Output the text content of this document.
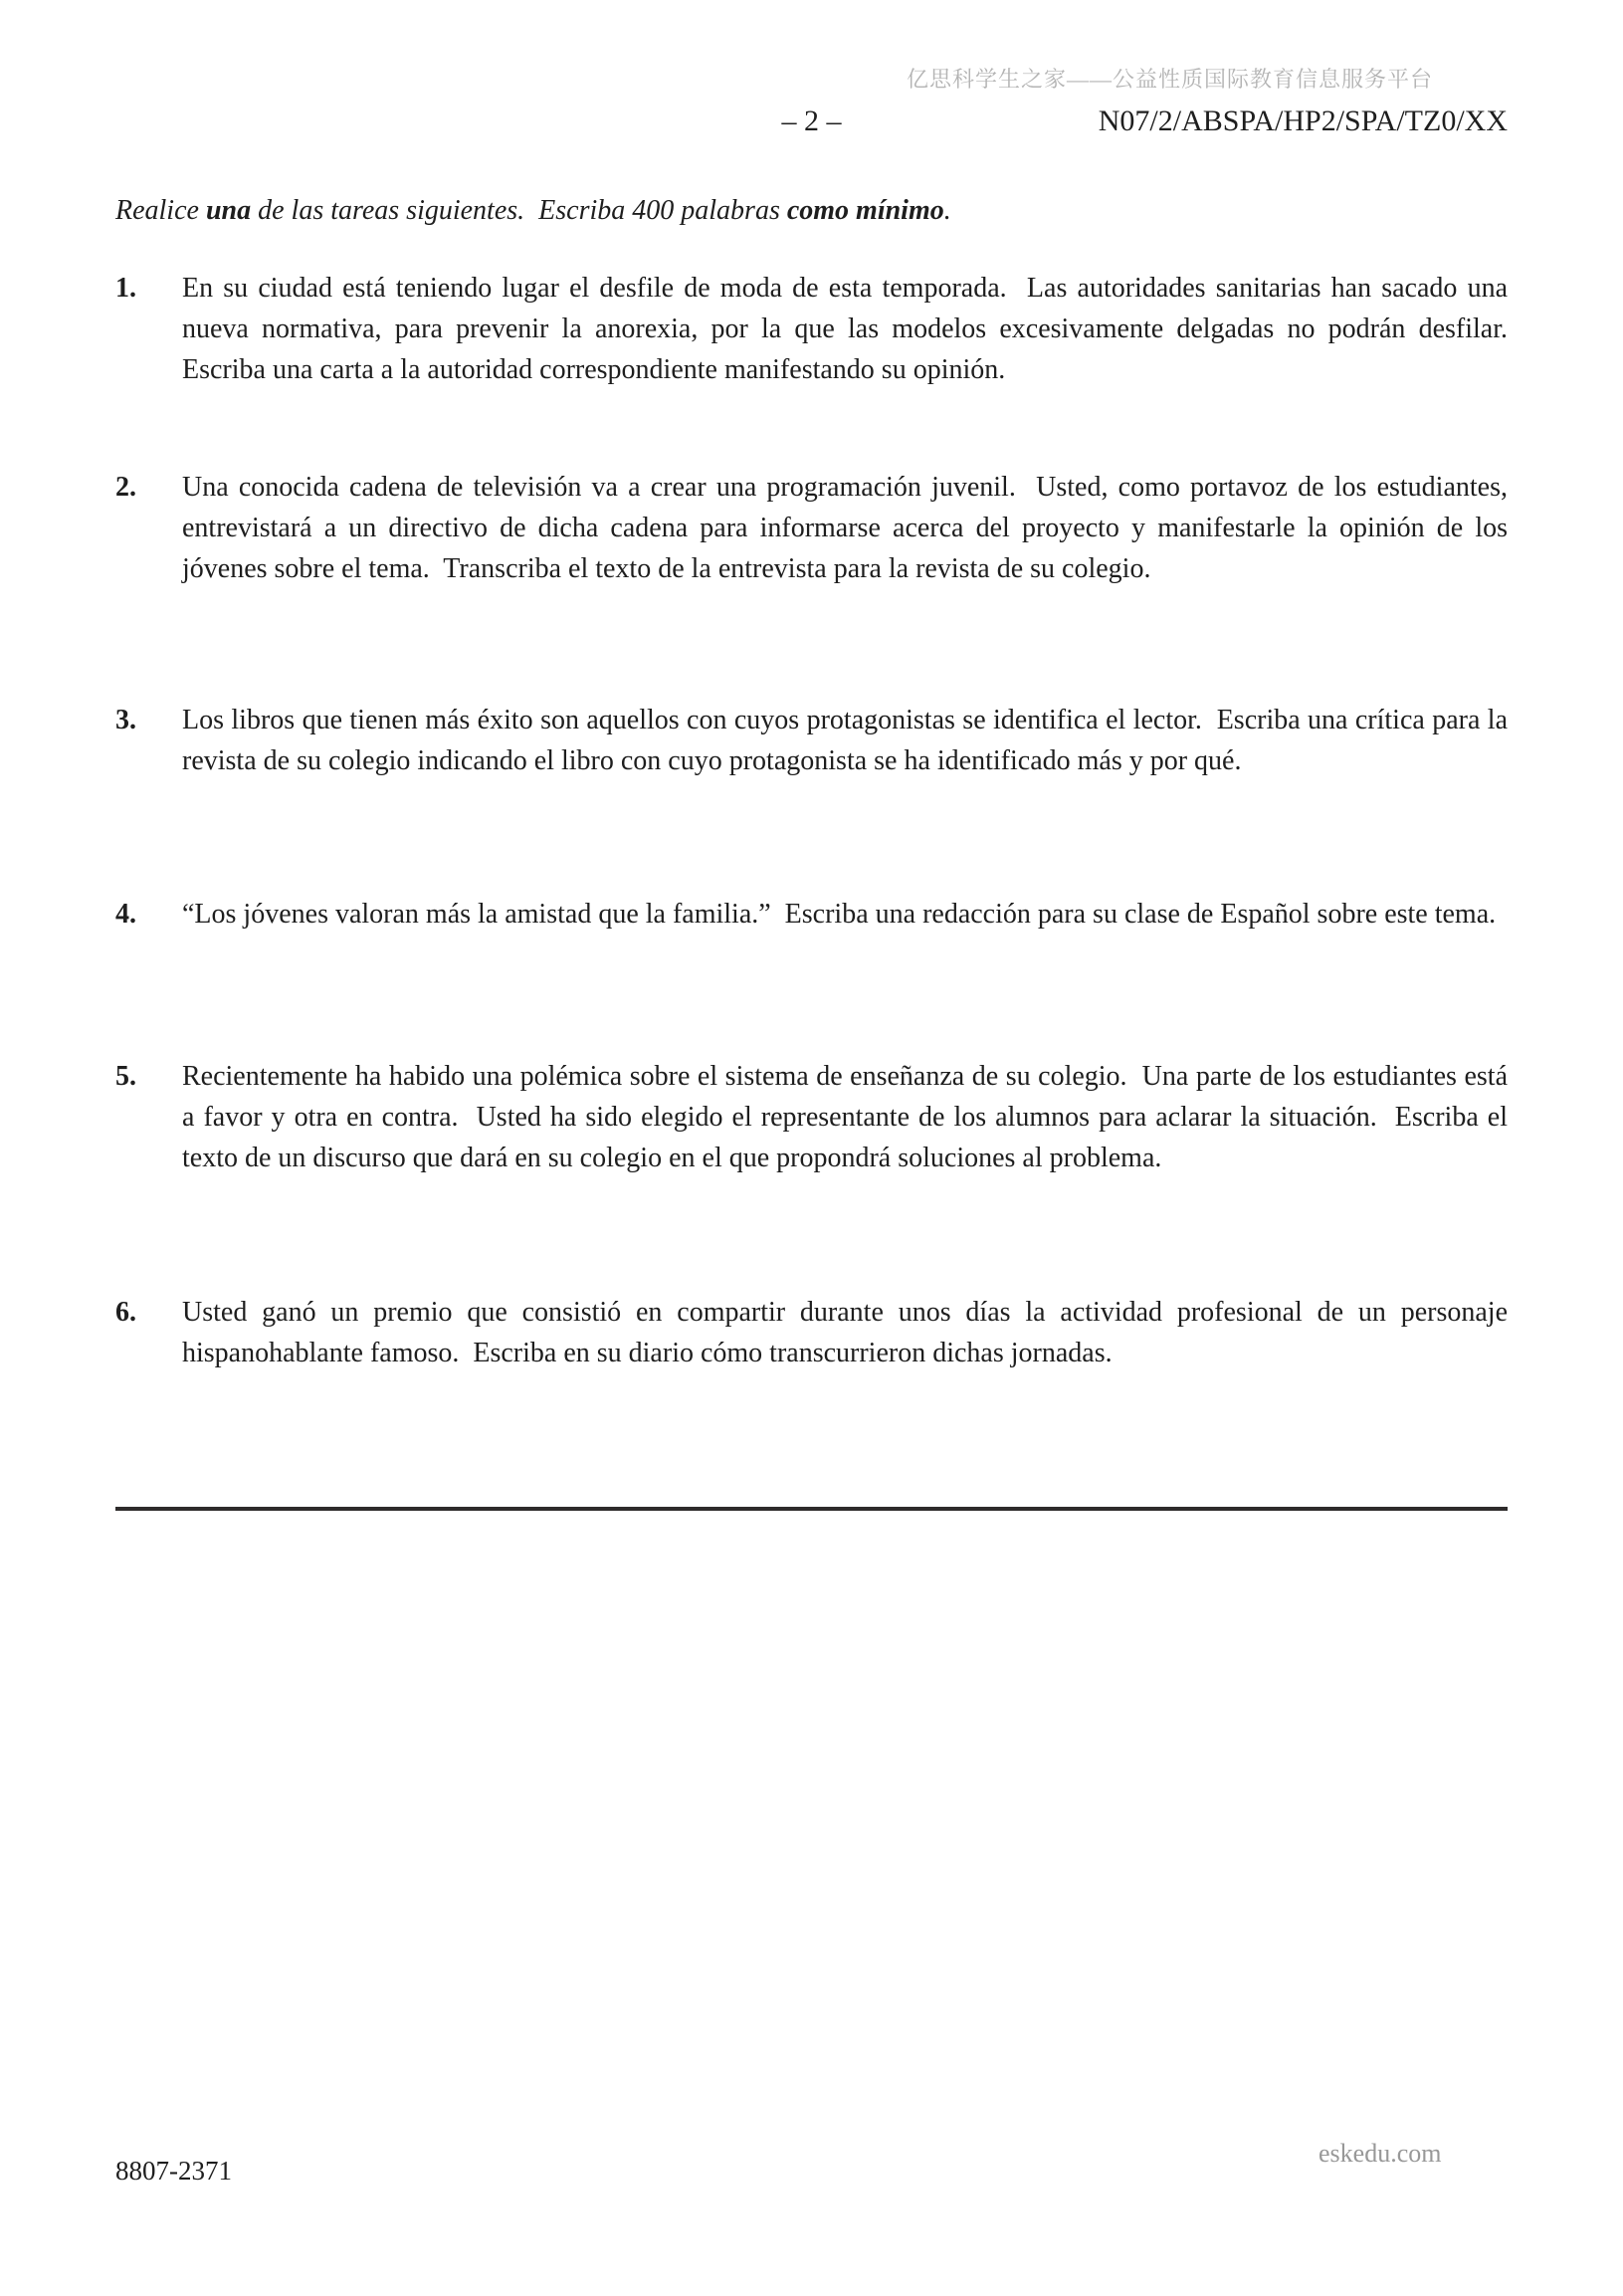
亿思科学生之家——公益性质国际教育信息服务平台
– 2 –	N07/2/ABSPA/HP2/SPA/TZ0/XX
Realice una de las tareas siguientes.  Escriba 400 palabras como mínimo.
1. En su ciudad está teniendo lugar el desfile de moda de esta temporada.  Las autoridades sanitarias han sacado una nueva normativa, para prevenir la anorexia, por la que las modelos excesivamente delgadas no podrán desfilar.  Escriba una carta a la autoridad correspondiente manifestando su opinión.
2. Una conocida cadena de televisión va a crear una programación juvenil.  Usted, como portavoz de los estudiantes, entrevistará a un directivo de dicha cadena para informarse acerca del proyecto y manifestarle la opinión de los jóvenes sobre el tema.  Transcriba el texto de la entrevista para la revista de su colegio.
3. Los libros que tienen más éxito son aquellos con cuyos protagonistas se identifica el lector.  Escriba una crítica para la revista de su colegio indicando el libro con cuyo protagonista se ha identificado más y por qué.
4. “Los jóvenes valoran más la amistad que la familia.”  Escriba una redacción para su clase de Español sobre este tema.
5. Recientemente ha habido una polémica sobre el sistema de enseñanza de su colegio.  Una parte de los estudiantes está a favor y otra en contra.  Usted ha sido elegido el representante de los alumnos para aclarar la situación.  Escriba el texto de un discurso que dará en su colegio en el que propondrá soluciones al problema.
6. Usted ganó un premio que consistió en compartir durante unos días la actividad profesional de un personaje hispanohablante famoso.  Escriba en su diario cómo transcurrieron dichas jornadas.
8807-2371
eskedu.com
